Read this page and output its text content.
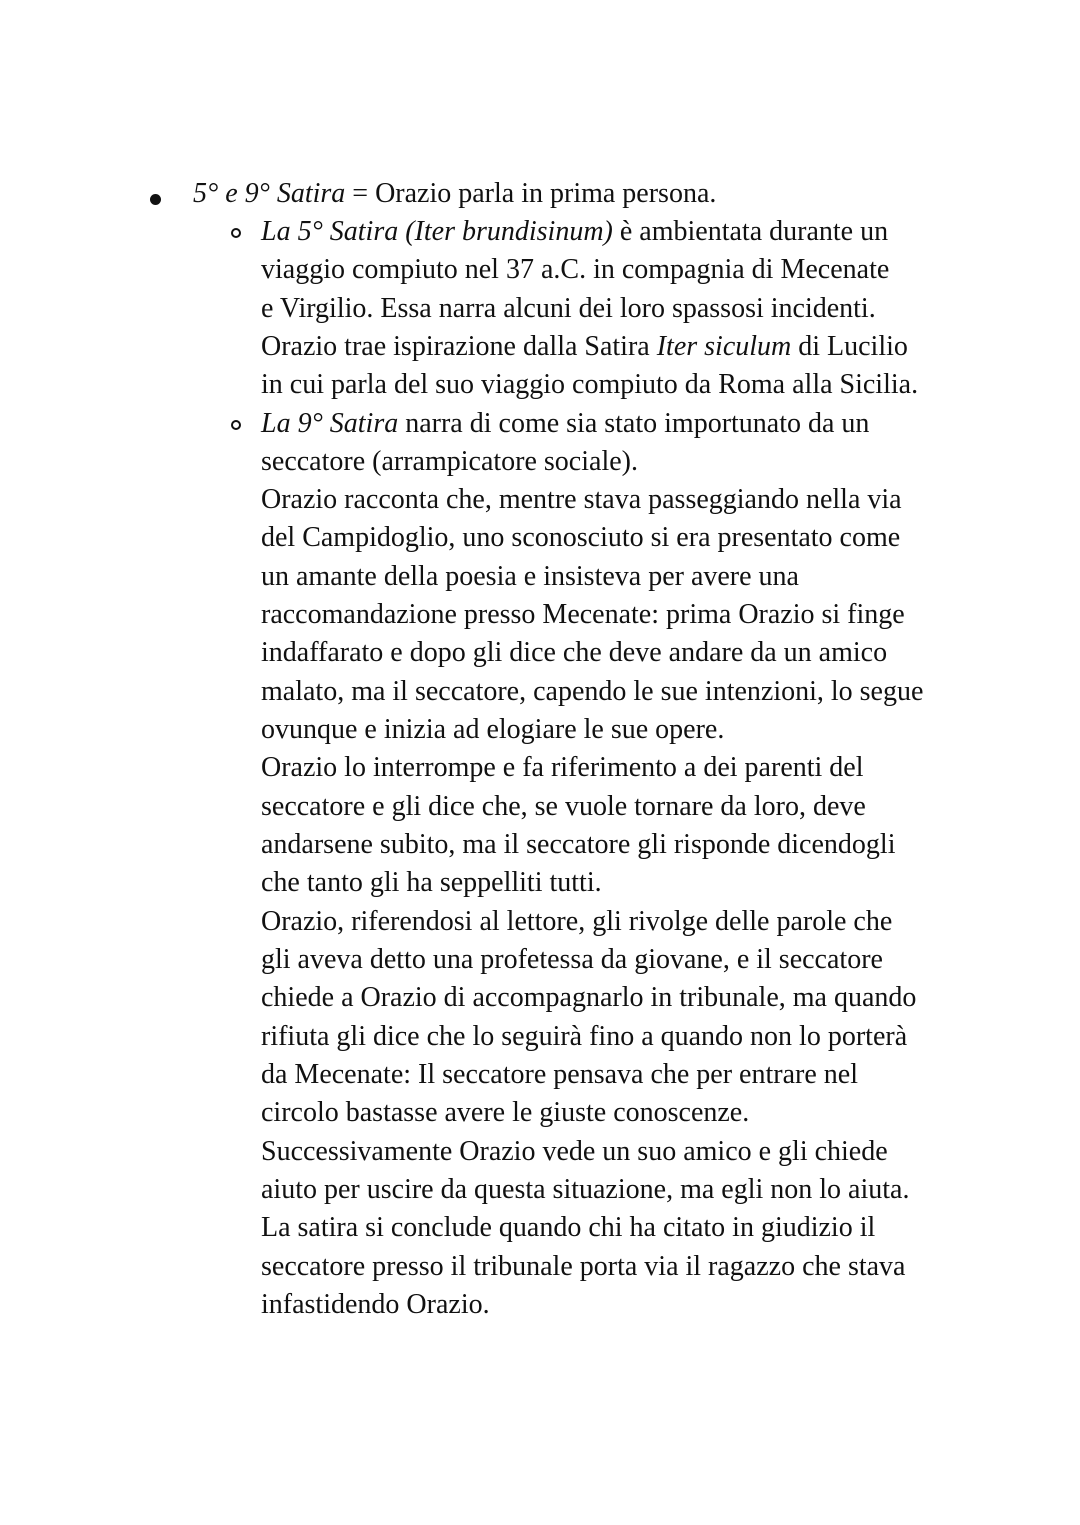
5° e 9° Satira = Orazio parla in prima persona.
La 5° Satira (Iter brundisinum) è ambientata durante un
viaggio compiuto nel 37 a.C. in compagnia di Mecenate
e Virgilio. Essa narra alcuni dei loro spassosi incidenti.
Orazio trae ispirazione dalla Satira Iter siculum di Lucilio
in cui parla del suo viaggio compiuto da Roma alla Sicilia.
La 9° Satira narra di come sia stato importunato da un
seccatore (arrampicatore sociale).
Orazio racconta che, mentre stava passeggiando nella via
del Campidoglio, uno sconosciuto si era presentato come
un amante della poesia e insisteva per avere una
raccomandazione presso Mecenate: prima Orazio si finge
indaffarato e dopo gli dice che deve andare da un amico
malato, ma il seccatore, capendo le sue intenzioni, lo segue
ovunque e inizia ad elogiare le sue opere.
Orazio lo interrompe e fa riferimento a dei parenti del
seccatore e gli dice che, se vuole tornare da loro, deve
andarsene subito, ma il seccatore gli risponde dicendogli
che tanto gli ha seppelliti tutti.
Orazio, riferendosi al lettore, gli rivolge delle parole che
gli aveva detto una profetessa da giovane, e il seccatore
chiede a Orazio di accompagnarlo in tribunale, ma quando
rifiuta gli dice che lo seguirà fino a quando non lo porterà
da Mecenate: Il seccatore pensava che per entrare nel
circolo bastasse avere le giuste conoscenze.
Successivamente Orazio vede un suo amico e gli chiede
aiuto per uscire da questa situazione, ma egli non lo aiuta.
La satira si conclude quando chi ha citato in giudizio il
seccatore presso il tribunale porta via il ragazzo che stava
infastidendo Orazio.
